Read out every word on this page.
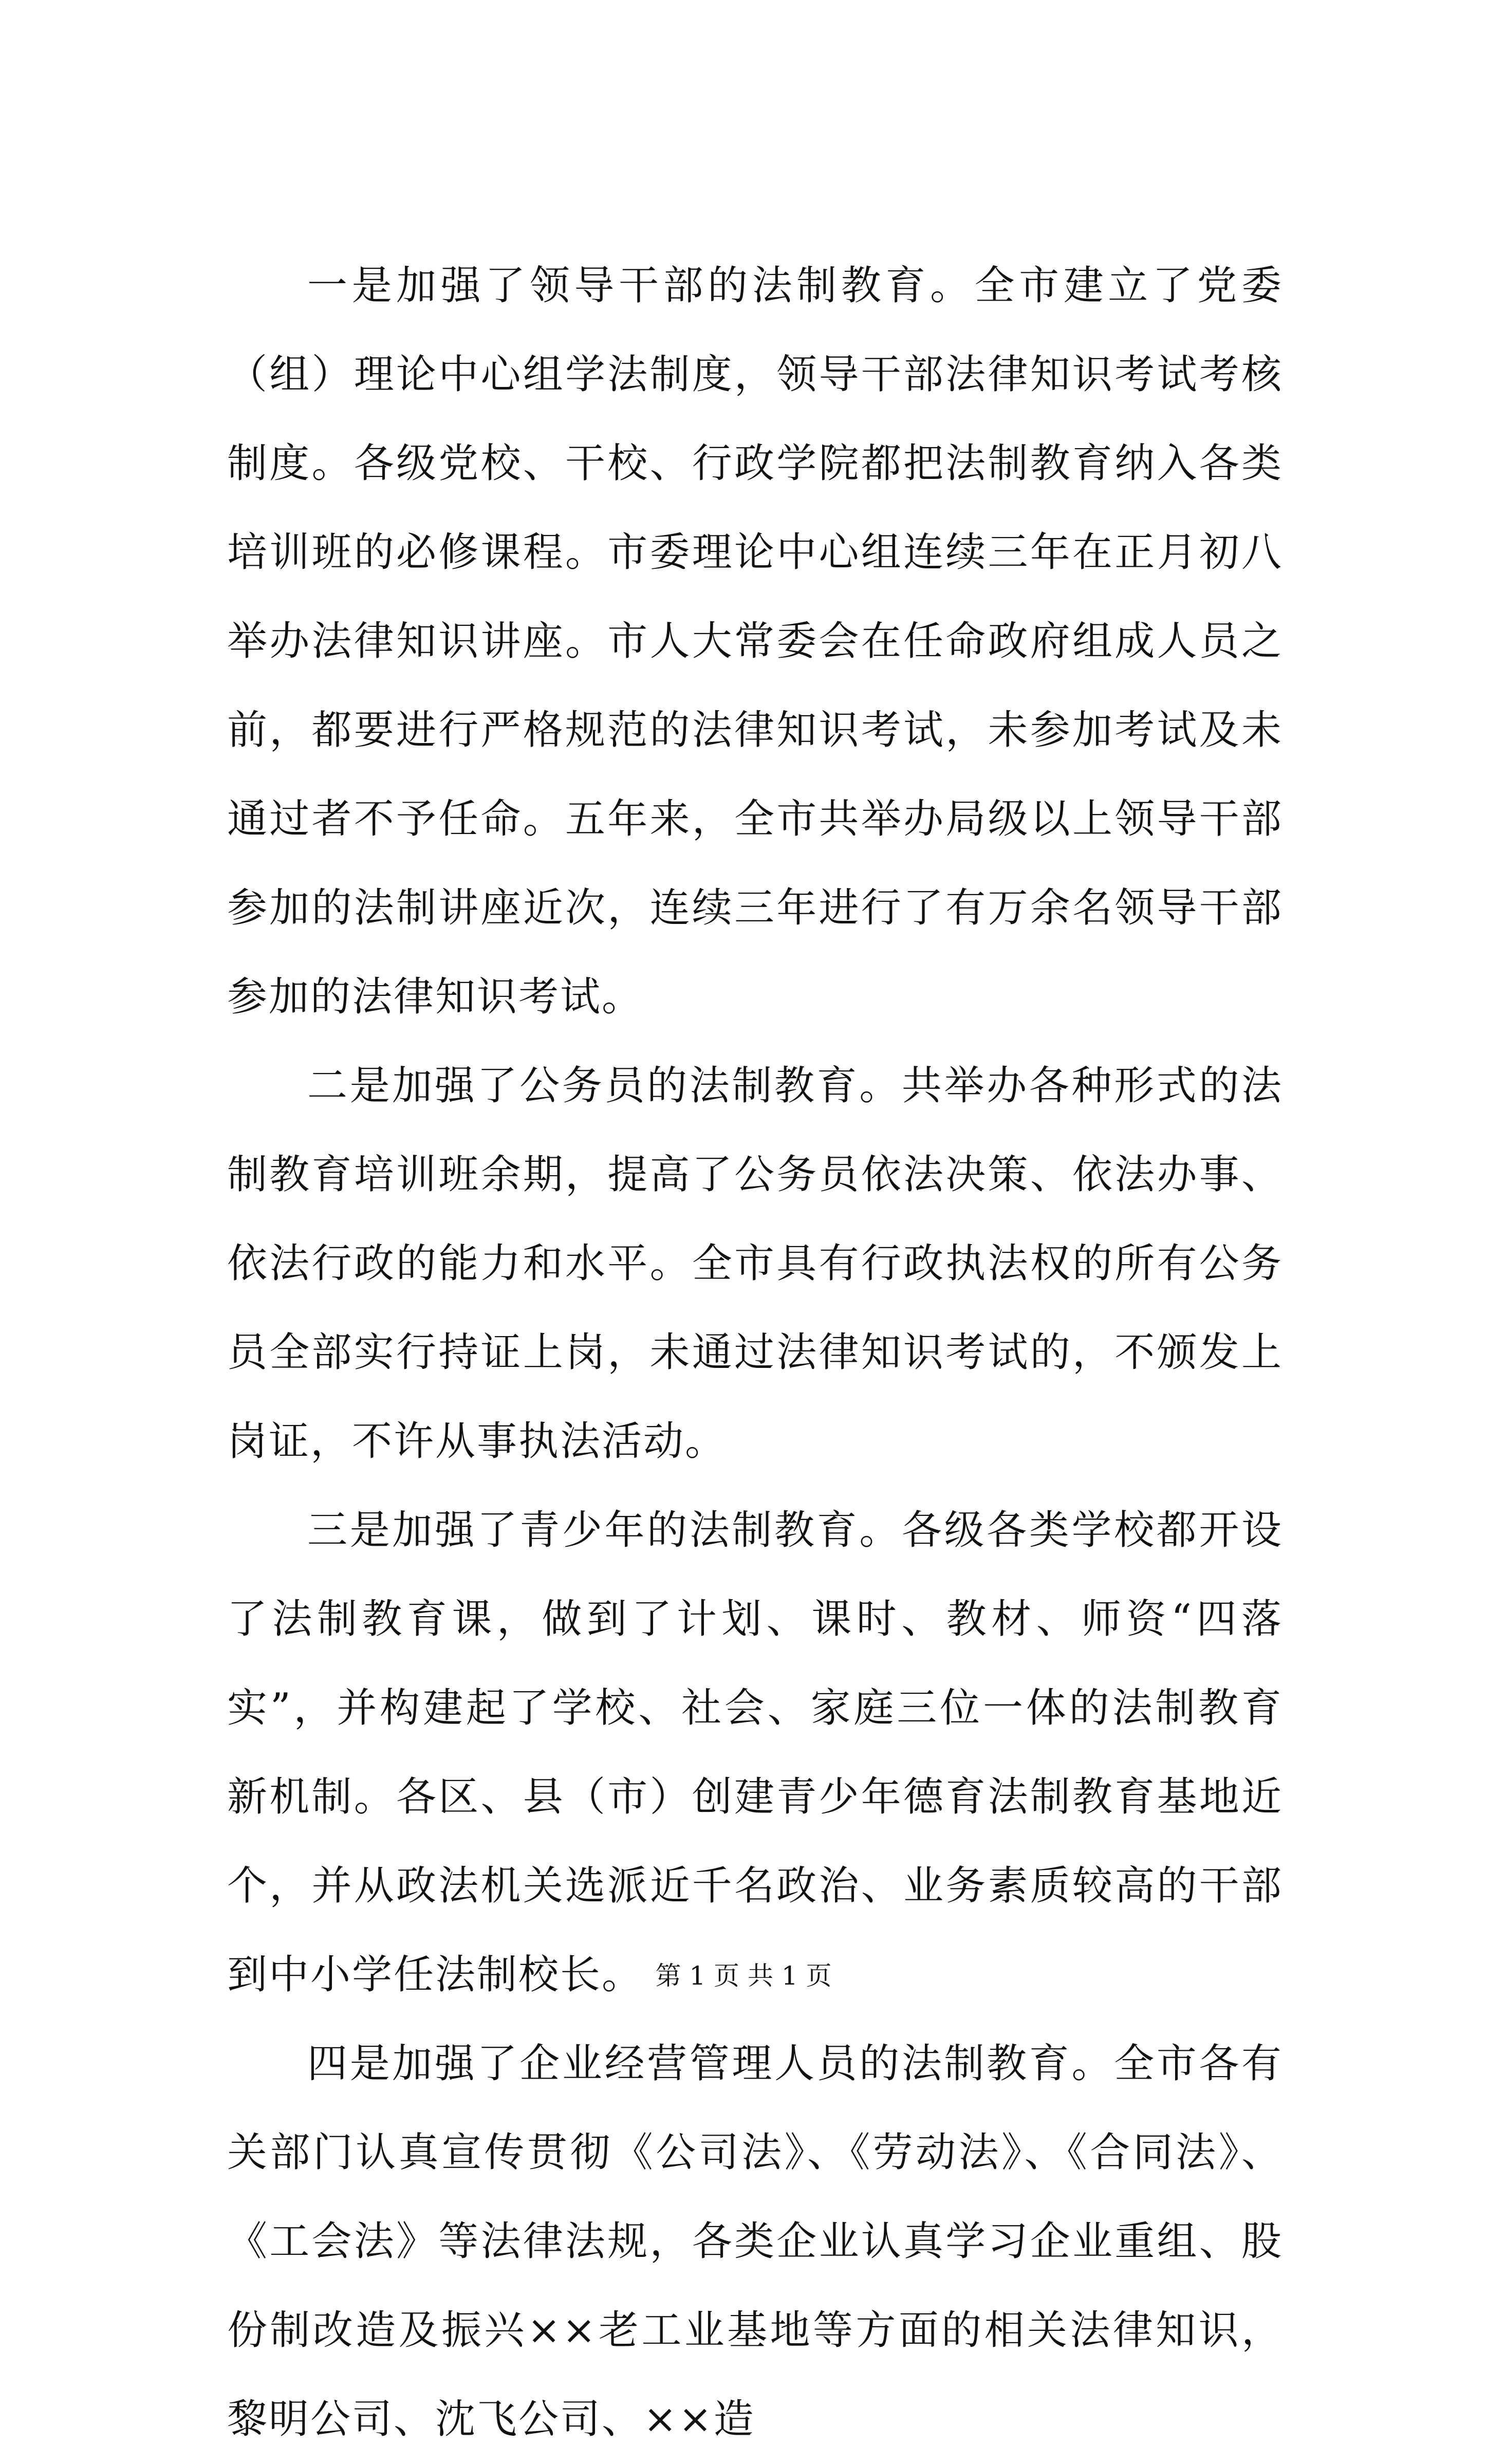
一是加强了领导干部的法制教育。全市建立了党委（组）理论中心组学法制度，领导干部法律知识考试考核制度。各级党校、干校、行政学院都把法制教育纳入各类培训班的必修课程。市委理论中心组连续三年在正月初八举办法律知识讲座。市人大常委会在任命政府组成人员之前，都要进行严格规范的法律知识考试，未参加考试及未通过者不予任命。五年来，全市共举办局级以上领导干部参加的法制讲座近次，连续三年进行了有万余名领导干部参加的法律知识考试。

二是加强了公务员的法制教育。共举办各种形式的法制教育培训班余期，提高了公务员依法决策、依法办事、依法行政的能力和水平。全市具有行政执法权的所有公务员全部实行持证上岗，未通过法律知识考试的，不颁发上岗证，不许从事执法活动。

三是加强了青少年的法制教育。各级各类学校都开设了法制教育课，做到了计划、课时、教材、师资“四落实”，并构建起了学校、社会、家庭三位一体的法制教育新机制。各区、县（市）创建青少年德育法制教育基地近个，并从政法机关选派近千名政治、业务素质较高的干部到中小学任法制校长。

四是加强了企业经营管理人员的法制教育。全市各有关部门认真宣传贯彻《公司法》、《劳动法》、《合同法》、《工会法》等法律法规，各类企业认真学习企业重组、股份制改造及振兴××老工业基地等方面的相关法律知识，黎明公司、沈飞公司、××造

第 1 页 共 1 页
